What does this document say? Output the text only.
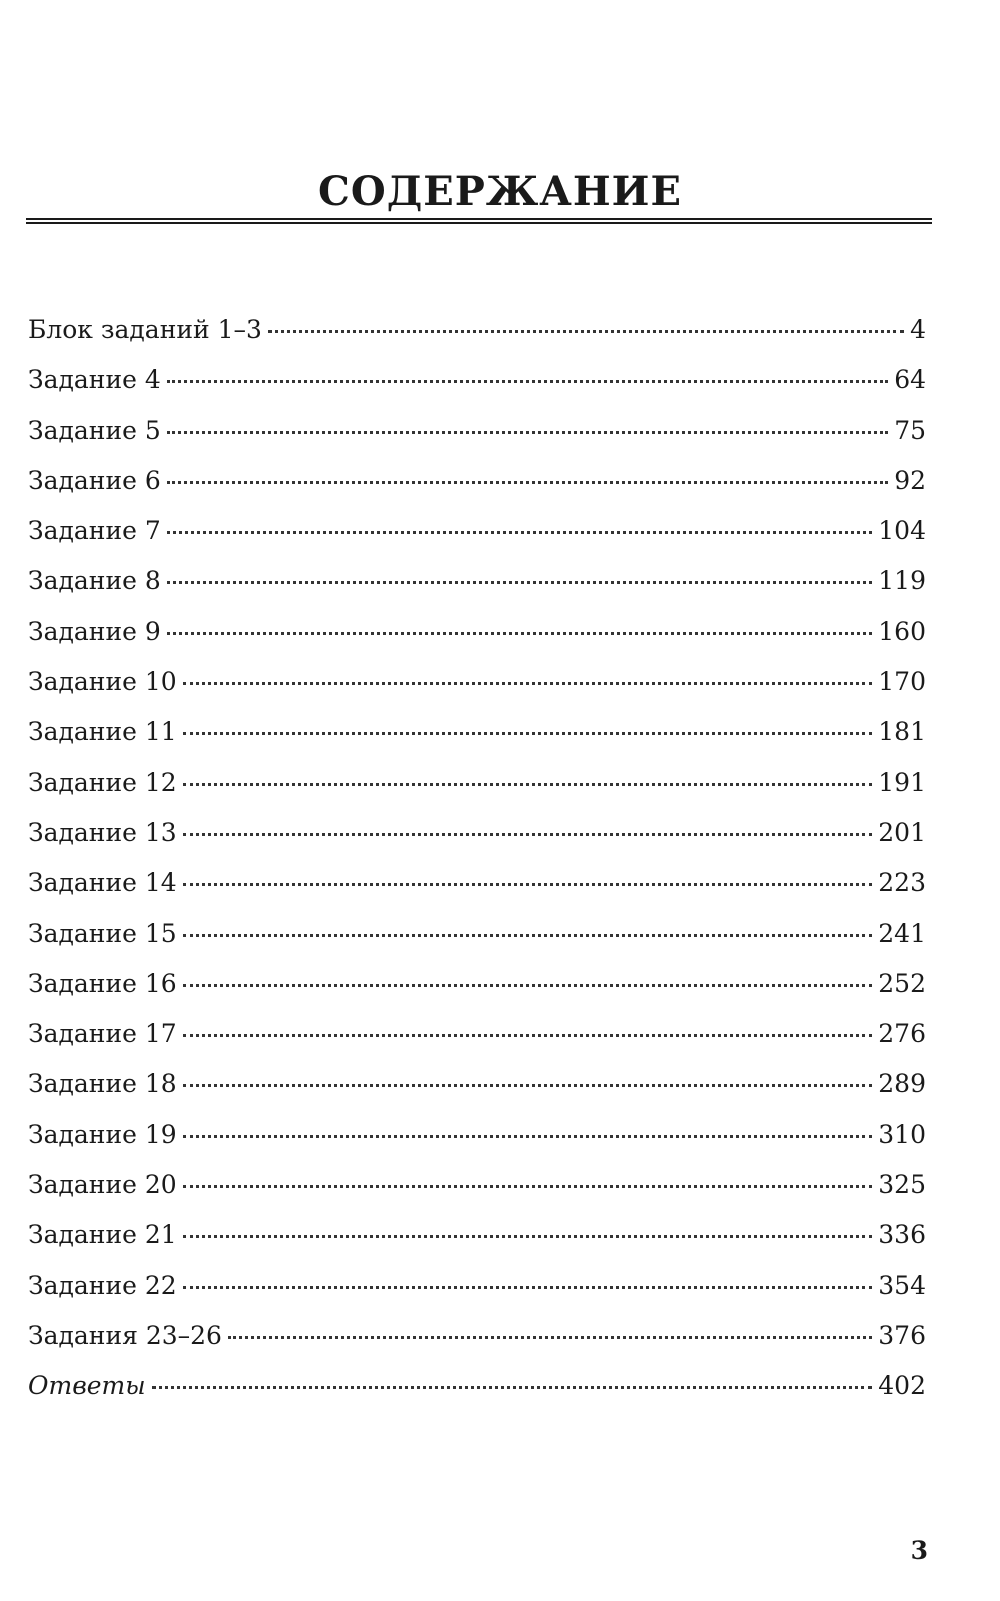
СОДЕРЖАНИЕ
Блок заданий 1–3	4
Задание 4	64
Задание 5	75
Задание 6	92
Задание 7	104
Задание 8	119
Задание 9	160
Задание 10	170
Задание 11	181
Задание 12	191
Задание 13	201
Задание 14	223
Задание 15	241
Задание 16	252
Задание 17	276
Задание 18	289
Задание 19	310
Задание 20	325
Задание 21	336
Задание 22	354
Задания 23–26	376
Ответы	402
3
